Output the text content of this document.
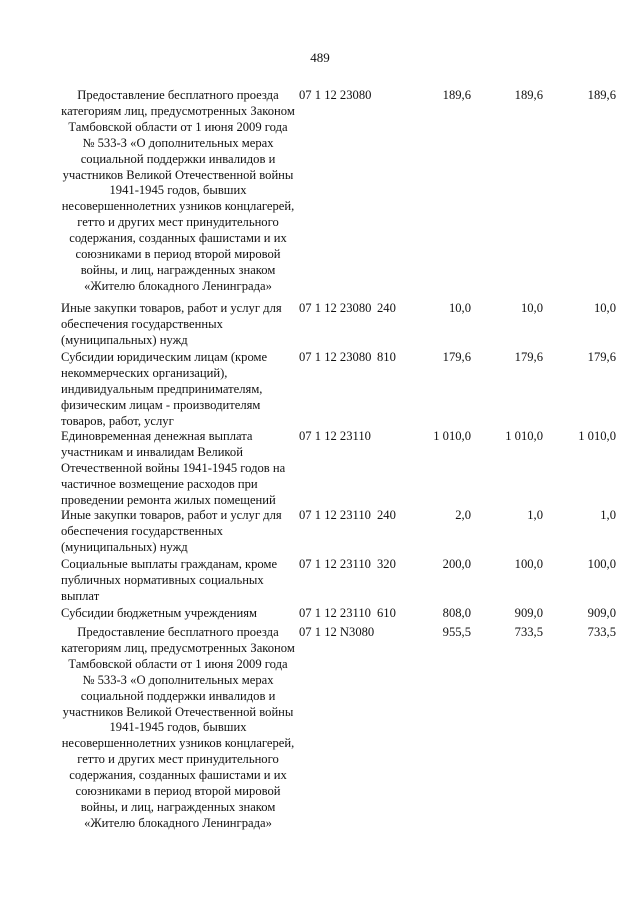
489
Предоставление бесплатного проезда категориям лиц, предусмотренных Законом Тамбовской области от 1 июня 2009 года № 533-З «О дополнительных мерах социальной поддержки инвалидов и участников Великой Отечественной войны 1941-1945 годов, бывших несовершеннолетних узников концлагерей, гетто и других мест принудительного содержания, созданных фашистами и их союзниками в период второй мировой войны, и лиц, награжденных знаком «Жителю блокадного Ленинграда»
07 1 12 23080	189,6	189,6	189,6
Иные закупки товаров, работ и услуг для обеспечения государственных (муниципальных) нужд
07 1 12 23080 240	10,0	10,0	10,0
Субсидии юридическим лицам (кроме некоммерческих организаций), индивидуальным предпринимателям, физическим лицам - производителям товаров, работ, услуг
07 1 12 23080 810	179,6	179,6	179,6
Единовременная денежная выплата участникам и инвалидам Великой Отечественной войны 1941-1945 годов на частичное возмещение расходов при проведении ремонта жилых помещений
07 1 12 23110	1 010,0	1 010,0	1 010,0
Иные закупки товаров, работ и услуг для обеспечения государственных (муниципальных) нужд
07 1 12 23110 240	2,0	1,0	1,0
Социальные выплаты гражданам, кроме публичных нормативных социальных выплат
07 1 12 23110 320	200,0	100,0	100,0
Субсидии бюджетным учреждениям	07 1 12 23110 610	808,0	909,0	909,0
Предоставление бесплатного проезда категориям лиц, предусмотренных Законом Тамбовской области от 1 июня 2009 года № 533-З «О дополнительных мерах социальной поддержки инвалидов и участников Великой Отечественной войны 1941-1945 годов, бывших несовершеннолетних узников концлагерей, гетто и других мест принудительного содержания, созданных фашистами и их союзниками в период второй мировой войны, и лиц, награжденных знаком «Жителю блокадного Ленинграда»
07 1 12 N3080	955,5	733,5	733,5
